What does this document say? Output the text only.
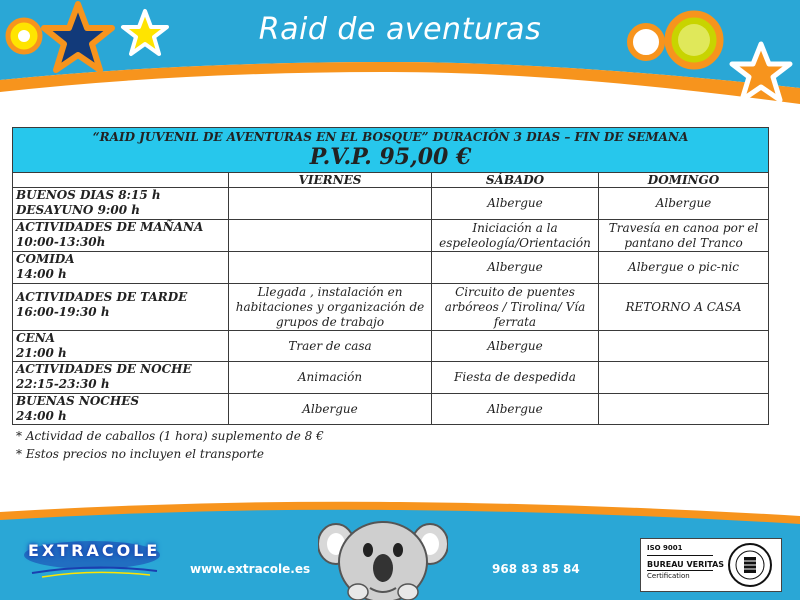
Raid de aventuras
“RAID JUVENIL DE AVENTURAS EN EL BOSQUE” DURACIÓN 3 DIAS – FIN DE SEMANA
P.V.P. 95,00 €			

	VIERNES	SÁBADO	DOMINGO

BUENOS DIAS 8:15 h
DESAYUNO 9:00 h		Albergue	Albergue

ACTIVIDADES DE MAÑANA
10:00-13:30h		Iniciación a la espeleología/Orientación	Travesía en canoa por el pantano del Tranco

COMIDA
14:00 h		Albergue	Albergue o pic-nic

ACTIVIDADES DE TARDE
16:00-19:30 h	Llegada , instalación en habitaciones y organización de grupos de trabajo	Circuito de puentes arbóreos / Tirolina/ Vía ferrata	RETORNO A CASA

CENA
21:00 h	Traer de casa	Albergue	

ACTIVIDADES DE NOCHE
22:15-23:30 h	Animación	Fiesta de despedida	

BUENAS NOCHES
24:00 h	Albergue	Albergue	
* Actividad de caballos (1 hora) suplemento de 8 €
* Estos precios no incluyen el transporte
EXTRACOLE
www.extracole.es	968 83 85 84
ISO 9001
BUREAU VERITAS
Certification
